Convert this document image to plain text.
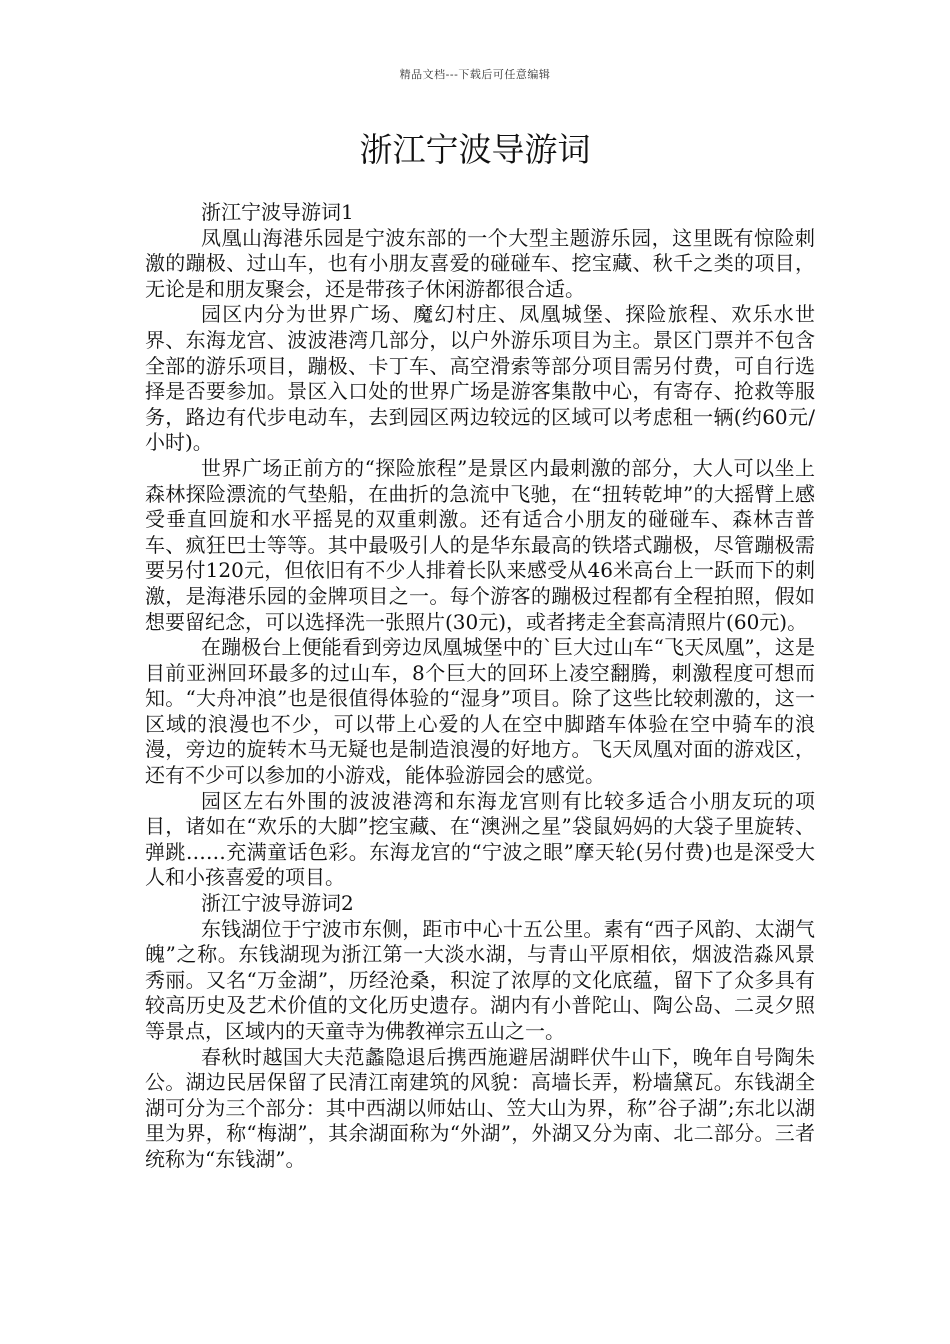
精品文档---下载后可任意编辑
浙江宁波导游词

浙江宁波导游词1

凤凰山海港乐园是宁波东部的一个大型主题游乐园，这里既有惊险刺激的蹦极、过山车，也有小朋友喜爱的碰碰车、挖宝藏、秋千之类的项目，无论是和朋友聚会，还是带孩子休闲游都很合适。

园区内分为世界广场、魔幻村庄、凤凰城堡、探险旅程、欢乐水世界、东海龙宫、波波港湾几部分，以户外游乐项目为主。景区门票并不包含全部的游乐项目，蹦极、卡丁车、高空滑索等部分项目需另付费，可自行选择是否要参加。景区入口处的世界广场是游客集散中心，有寄存、抢救等服务，路边有代步电动车，去到园区两边较远的区域可以考虑租一辆(约60元/小时)。

世界广场正前方的“探险旅程”是景区内最刺激的部分，大人可以坐上森林探险漂流的气垫船，在曲折的急流中飞驰，在“扭转乾坤”的大摇臂上感受垂直回旋和水平摇晃的双重刺激。还有适合小朋友的碰碰车、森林吉普车、疯狂巴士等等。其中最吸引人的是华东最高的铁塔式蹦极，尽管蹦极需要另付120元，但依旧有不少人排着长队来感受从46米高台上一跃而下的刺激，是海港乐园的金牌项目之一。每个游客的蹦极过程都有全程拍照，假如想要留纪念，可以选择洗一张照片(30元)，或者拷走全套高清照片(60元)。

在蹦极台上便能看到旁边凤凰城堡中的`巨大过山车“飞天凤凰”，这是目前亚洲回环最多的过山车，8个巨大的回环上凌空翻腾，刺激程度可想而知。“大舟冲浪”也是很值得体验的“湿身”项目。除了这些比较刺激的，这一区域的浪漫也不少，可以带上心爱的人在空中脚踏车体验在空中骑车的浪漫，旁边的旋转木马无疑也是制造浪漫的好地方。飞天凤凰对面的游戏区，还有不少可以参加的小游戏，能体验游园会的感觉。

园区左右外围的波波港湾和东海龙宫则有比较多适合小朋友玩的项目，诸如在“欢乐的大脚”挖宝藏、在“澳洲之星”袋鼠妈妈的大袋子里旋转、弹跳……充满童话色彩。东海龙宫的“宁波之眼”摩天轮(另付费)也是深受大人和小孩喜爱的项目。

浙江宁波导游词2

东钱湖位于宁波市东侧，距市中心十五公里。素有“西子风韵、太湖气魄”之称。东钱湖现为浙江第一大淡水湖，与青山平原相依，烟波浩淼风景秀丽。又名“万金湖”，历经沧桑，积淀了浓厚的文化底蕴，留下了众多具有较高历史及艺术价值的文化历史遗存。湖内有小普陀山、陶公岛、二灵夕照等景点，区域内的天童寺为佛教禅宗五山之一。

春秋时越国大夫范蠡隐退后携西施避居湖畔伏牛山下，晚年自号陶朱公。湖边民居保留了民清江南建筑的风貌：高墙长弄，粉墙黛瓦。东钱湖全湖可分为三个部分：其中西湖以师姑山、笠大山为界，称”谷子湖”;东北以湖里为界，称“梅湖”，其余湖面称为“外湖”，外湖又分为南、北二部分。三者统称为“东钱湖”。
